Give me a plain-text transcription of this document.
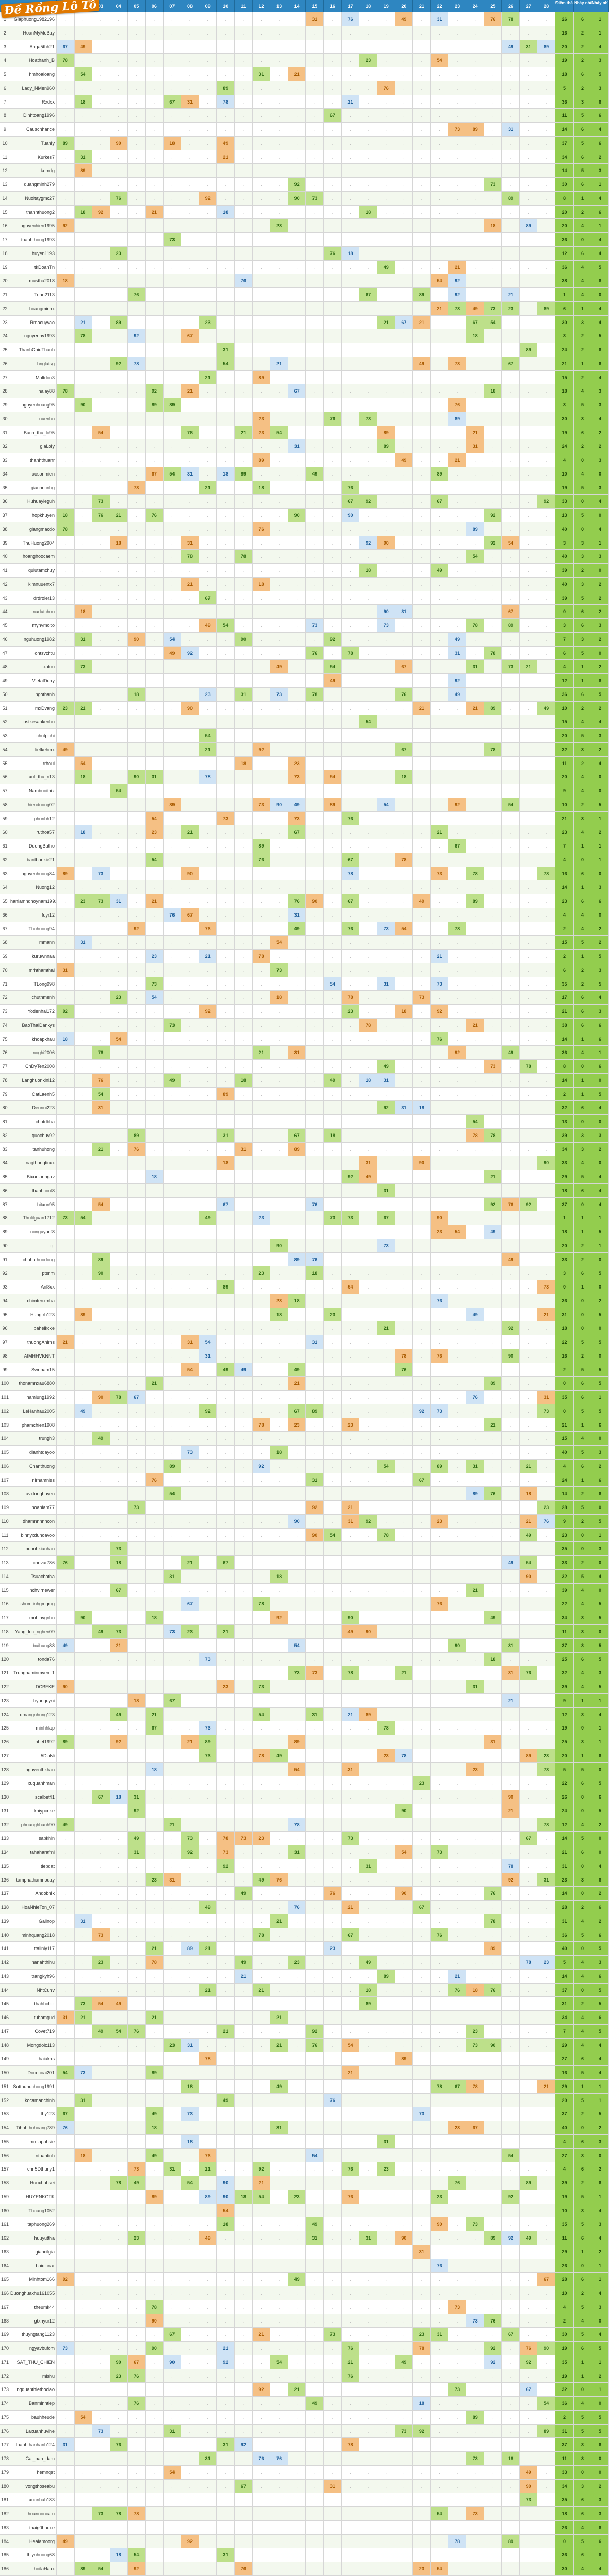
03	04	05	06	07	08	09	10	11	12	13	14	15	16	17	18	19	20	21	22	23	24	25	26	27	28
Điểm thá Nháy nh Nháy nhì
1	Giaphuong1982196	.	.	.	.	.	.	.	.	.	.	.	.	.	.	31	.	76	.	.	49	.	31	.	.	76	78	.	.	26	6	1
2	HoanMyMeBay	.	.	.	.	.	.	.	.	.	.	.	.	.	.	.	.	.	.	.	.	.	.	.	.	.	.	.	.	16	2	1
3	Anga5thh21	67	49	.	.	.	.	.	.	.	.	.	.	.	.	.	.	.	.	.	.	.	.	.	.	.	49	31	89	20	2	4
4	Hoathanh_B	78	.	.	.	.	.	.	.	.	.	.	.	.	.	.	.	.	23	.	.	.	54	.	.	.	.	.	.	19	2	3
5	hmhoaloang	.	54	.	.	.	.	.	.	.	.	.	31	.	21	.	.	.	.	.	.	.	.	.	.	.	.	.	.	18	6	5
6	Lady_NMen960	.	.	.	.	.	.	.	.	.	89	.	.	.	.	.	.	.	.	76	.	.	.	.	.	.	.	.	.	5	2	3
7	Rxdxx	.	18	.	.	.	.	67	31	.	78	.	.	.	.	.	.	21	.	.	.	.	.	.	.	.	.	.	.	36	3	6
8	Dinhtoang1996	.	.	.	.	.	.	.	.	.	.	.	.	.	.	.	67	.	.	.	.	.	.	.	.	.	.	.	.	11	5	6
9	Causchhance	.	.	.	.	.	.	.	.	.	.	.	.	.	.	.	.	.	.	.	.	.	.	73	89	.	31	.	.	14	6	4
10	Tuanly	89	.	.	90	.	.	18	.	.	49	.	.	.	.	.	.	.	.	.	.	.	.	.	.	.	.	.	.	37	5	6
11	Kurkes7	.	31	.	.	.	.	.	.	.	21	.	.	.	.	.	.	.	.	.	.	.	.	.	.	.	.	.	.	34	6	2
12	kemdg	.	89	.	.	.	.	.	.	.	.	.	.	.	.	.	.	.	.	.	.	.	.	.	.	.	.	.	.	14	5	3
13	quangminh279	.	.	.	.	.	.	.	.	.	.	.	.	.	92	.	.	.	.	.	.	.	.	.	.	73	.	.	.	30	6	1
14	Nuoitaygmc27	.	.	.	76	.	.	.	.	92	.	.	.	.	90	73	.	.	.	.	.	.	.	.	.	.	89	.	.	8	1	4
15	thanhthuong2	.	18	92	.	.	21	.	.	.	18	.	.	.	.	.	.	.	18	.	.	.	.	.	.	.	.	.	.	20	2	6
16	nguyenhien1995	92	.	.	.	.	.	.	.	.	.	.	.	23	.	.	.	.	.	.	.	.	.	.	.	18	.	89	.	20	4	1
17	tuanhthong1993	.	.	.	.	.	.	73	.	.	.	.	.	.	.	.	.	.	.	.	.	.	.	.	.	.	.	.	.	36	0	4
18	huyen1193	.	.	.	23	.	.	.	.	.	.	.	.	.	.	.	76	18	.	.	.	.	.	.	.	.	.	.	.	12	6	4
19	tkDoanTn	.	.	.	.	.	.	.	.	.	.	.	.	.	.	.	.	.	.	49	.	.	.	21	.	.	.	.	.	36	4	5
20	mustha2018	18	.	.	.	.	.	.	.	.	.	76	.	.	.	.	.	.	.	.	.	.	54	92	.	.	.	.	.	38	4	6
21	Tuan2113	.	.	.	.	76	.	.	.	.	.	.	.	.	.	.	.	.	67	.	.	89	.	92	.	.	21	.	.	1	4	0
22	hoangminhx	.	.	.	.	.	.	.	.	.	.	.	.	.	.	.	.	.	.	.	.	.	21	73	49	73	23	.	89	6	1	4
23	Rmacuyyao	.	21	.	89	.	.	.	.	23	.	.	.	.	.	.	.	.	.	21	67	21	.	.	67	54	.	.	.	30	3	4
24	nguyenhv1993	.	78	.	.	92	.	.	67	.	.	.	.	.	.	.	.	.	.	.	.	.	.	.	18	.	.	.	.	3	2	5
25	ThanhChiuThanh	.	.	.	.	.	.	.	.	.	31	.	.	.	.	.	.	.	.	.	.	.	.	.	.	.	.	89	.	24	2	6
26	hnglatsg	.	.	.	92	78	.	.	.	.	54	.	.	21	.	.	.	.	.	.	.	49	.	73	.	.	67	.	.	21	1	6
27	Maltdon3	.	.	.	.	.	.	.	.	21	.	.	89	.	.	.	.	.	.	.	.	.	.	.	.	.	.	.	.	15	2	4
28	halay88	78	.	.	.	.	92	.	21	.	.	.	.	.	67	.	.	.	.	.	.	.	.	.	.	18	.	.	.	18	4	3
29	nguyenhoang95	.	90	.	.	.	89	89	.	.	.	.	.	.	.	.	.	.	.	.	.	.	.	76	.	.	.	.	.	3	5	3
30	nuenhn	.	.	.	.	.	.	.	.	.	.	.	23	.	.	.	76	.	73	.	.	.	.	89	.	.	.	.	.	30	3	4
31	Bach_thu_lo95	.	.	54	.	.	.	.	76	.	.	21	23	54	.	.	.	.	.	89	.	.	.	.	21	.	.	.	.	19	6	2
32	giaLoly	.	.	.	.	.	.	.	.	.	.	.	.	.	31	.	.	.	.	89	.	.	.	.	31	.	.	.	.	24	2	2
33	thanhthuanr	.	.	.	.	.	.	.	.	.	.	.	89	.	.	.	.	.	.	.	49	.	.	21	.	.	.	.	.	4	0	3
34	aosonmien	.	.	.	.	.	67	54	31	.	18	89	.	.	.	49	.	.	.	.	.	.	89	.	.	.	.	.	.	10	4	0
35	giachocnhg	.	.	.	.	73	.	.	.	21	.	.	18	.	.	.	.	76	.	.	.	.	.	.	.	.	.	.	.	19	5	3
36	Huhuayieguh	.	.	73	.	.	.	.	.	.	.	.	.	.	.	.	.	67	92	.	.	.	67	.	.	.	.	.	92	33	0	4
37	hopkhuyen	18	.	76	21	.	76	.	.	.	.	.	.	.	90	.	.	90	.	.	.	.	.	.	.	92	.	.	.	13	5	0
38	giangmacdo	78	.	.	.	.	.	.	.	.	.	.	76	.	.	.	.	.	.	.	.	.	.	.	89	.	.	.	.	40	0	4
39	ThuHuong2904	.	.	.	18	.	.	.	31	.	.	.	.	.	.	.	.	.	92	90	.	.	.	.	.	92	54	.	.	3	3	1
40	hoanghoocaem	.	.	.	.	.	.	.	78	.	.	78	.	.	.	.	.	.	.	.	.	.	.	.	54	.	.	.	.	40	3	3
41	quiutamchuy	.	.	.	.	.	.	.	.	.	.	.	.	.	.	.	.	.	18	.	.	.	49	.	.	.	.	.	.	39	2	0
42	kimnuuentx7	.	.	.	.	.	.	.	21	.	.	.	18	.	.	.	.	.	.	.	.	.	.	.	.	.	.	.	.	40	3	2
43	drdroler13	.	.	.	.	.	.	.	.	67	.	.	.	.	.	.	.	.	.	.	.	.	.	.	.	.	.	.	.	39	5	2
44	nadutchou	.	18	.	.	.	.	.	.	.	.	.	.	.	.	.	.	.	.	90	31	.	.	.	.	.	67	.	.	0	6	2
45	myhymoito	.	.	.	.	.	.	.	.	49	54	.	.	.	.	73	.	.	.	73	.	.	.	.	78	.	89	.	.	3	6	3
46	nguhuong1982	.	31	.	.	90	.	54	.	.	.	90	.	.	.	.	92	.	.	.	.	.	.	49	.	.	.	.	.	7	3	2
47	ohtsvchtu	.	.	.	.	.	.	49	92	.	.	.	.	.	.	76	.	78	.	.	.	.	.	31	.	78	.	.	.	6	5	0
48	xatuu	.	73	.	.	.	.	.	.	.	.	.	.	49	.	.	54	.	.	.	67	.	.	.	31	.	73	21	.	4	1	2
49	VietalDuny	.	.	.	.	.	.	.	.	.	.	.	.	.	.	.	49	.	.	.	.	.	.	92	.	.	.	.	.	12	1	6
50	ngothanh	.	.	.	.	18	.	.	.	23	.	31	.	73	.	78	.	.	.	.	76	.	.	49	.	.	.	.	.	36	6	5
51	mxDvang	23	21	.	.	.	.	.	90	.	.	.	.	.	.	.	.	.	.	.	.	21	.	.	21	89	.	.	49	10	2	2
52	ostkesankenhu	.	.	.	.	.	.	.	.	.	.	.	.	.	.	.	.	.	54	.	.	.	.	.	.	.	.	.	.	15	4	4
53	chutpichi	.	.	.	.	.	.	.	.	54	.	.	.	.	.	.	.	.	.	.	.	.	.	.	.	.	.	.	.	20	5	3
54	lietkehmx	49	.	.	.	.	.	.	.	21	.	.	92	.	.	.	.	.	.	.	67	.	.	.	.	78	.	.	.	32	3	2
55	rrhoui	.	54	.	.	.	.	.	.	.	.	18	.	.	23	.	.	.	.	.	.	.	.	.	.	.	.	.	.	11	2	4
56	xot_thu_n13	.	18	.	.	90	31	.	.	78	.	.	.	.	73	.	54	.	.	.	18	.	.	.	.	.	.	.	.	20	4	0
57	Nambuoithiz	.	.	.	54	.	.	.	.	.	.	.	.	.	.	.	.	.	.	.	.	.	.	.	.	.	.	.	.	9	4	0
58	hienduong02	.	.	.	.	.	.	89	.	.	.	.	73	90	49	.	89	.	.	54	.	.	.	92	.	.	54	.	.	10	2	5
59	phonbh12	.	.	.	.	.	54	.	.	.	73	.	.	.	73	.	.	76	.	.	.	.	.	.	.	.	.	.	.	21	3	1
60	ruthoa57	.	18	.	.	.	23	.	21	.	.	.	.	.	67	.	.	.	.	.	.	.	21	.	.	.	.	.	.	23	4	2
61	DuongBatho	.	.	.	.	.	.	.	.	.	.	.	89	.	.	.	.	.	.	.	.	.	.	67	.	.	.	.	.	7	1	1
62	bantbankie21	.	.	.	.	.	54	.	.	.	.	.	76	.	.	.	.	67	.	.	78	.	.	.	.	.	.	.	.	4	0	1
63	nguyenhuong84	89	.	73	.	.	.	.	90	.	.	.	.	.	.	.	.	78	.	.	.	.	73	.	78	.	.	.	78	16	6	0
64	Nuong12	.	.	.	.	.	.	.	.	.	.	.	.	.	.	.	.	.	.	.	.	.	.	.	.	.	.	.	.	14	1	3
65 hanlamndhoynam1991	.	23	73	31	.	21	.	.	.	.	.	.	.	76	90	.	67	.	.	.	49	.	.	89	.	.	.	.	23	6	6
66	fuyr12	.	.	.	.	.	.	76	67	.	.	.	.	.	31	.	.	.	.	.	.	.	.	.	.	.	.	.	.	4	4	0
67	Thuhuong94	.	.	.	.	92	.	.	.	76	.	.	.	.	49	.	.	76	.	73	54	.	.	78	.	.	.	.	.	2	4	2
68	mmann	.	31	.	.	.	.	.	.	.	.	.	.	54	.	.	.	.	.	.	.	.	.	.	.	.	.	.	.	15	5	2
69	kuruwnnaa	.	.	.	.	.	23	.	.	21	.	.	78	.	.	.	.	.	.	.	.	.	21	.	.	.	.	.	.	2	1	5
70	mrhthamthai	31	.	.	.	.	.	.	.	.	.	.	.	73	.	.	.	.	.	.	.	.	.	.	.	.	.	.	.	6	2	3
71	TLong998	.	.	.	.	.	73	.	.	.	.	.	.	.	.	.	54	.	.	31	.	.	73	.	.	.	.	.	.	35	2	5
72	chuthmenh	.	.	.	23	.	54	.	.	.	.	.	.	18	.	.	.	78	.	.	.	73	.	.	.	.	.	.	.	17	6	4
73	Yodenhai172	92	.	.	.	.	.	.	.	92	.	.	.	.	.	.	.	23	.	.	18	.	92	.	.	.	.	.	.	21	6	3
74	BaoThaiDankys	.	.	.	.	.	.	73	.	.	.	.	.	.	.	.	.	.	78	.	.	.	.	.	21	.	.	.	.	38	6	6
75	khoapkhau	18	.	.	54	.	.	.	.	.	.	.	.	.	.	.	.	.	.	.	.	.	76	.	.	.	.	.	.	14	1	6
76	noghi2006	.	.	78	.	.	.	.	.	.	.	.	21	.	31	.	.	.	.	.	.	.	.	92	.	.	49	.	.	36	4	1
77	ChDyTen2008	.	.	.	.	.	.	.	.	.	.	.	.	.	.	.	.	.	.	49	.	.	.	.	.	73	.	78	.	8	0	6
78	Langhuonkini12	.	.	76	.	.	.	49	.	.	.	18	.	.	.	.	49	.	18	31	.	.	.	.	.	.	.	.	.	14	1	0
79	CatLaenh5	.	.	54	.	.	.	.	.	.	89	.	.	.	.	.	.	.	.	.	.	.	.	.	.	.	.	.	.	2	1	5
80	Deunui223	.	.	31	.	.	.	.	.	.	.	.	.	.	.	.	.	.	.	92	31	18	.	.	.	.	.	.	.	32	6	4
81	chotdbha	.	.	.	.	.	.	.	.	.	.	.	.	.	.	.	.	.	.	.	.	.	.	.	54	.	.	.	.	13	0	0
82	quochuy92	.	.	.	.	89	.	.	.	.	31	.	.	.	67	.	18	.	.	.	.	.	.	.	78	78	.	.	.	39	3	3
83	tanhuhong	.	.	21	.	76	.	.	.	.	.	31	.	.	89	.	.	.	.	.	.	.	.	.	.	.	.	.	.	34	3	2
84	nagthongtinxx	.	.	.	.	.	.	.	.	.	18	.	.	.	.	.	.	.	31	.	.	90	.	.	.	.	.	.	90	33	4	0
85	Bixuojanhgav	.	.	.	.	.	18	.	.	.	.	.	.	.	.	.	.	92	49	.	.	.	.	.	.	21	.	.	.	29	5	4
86	thanhcool8	.	.	.	.	.	.	.	.	.	.	.	.	.	.	.	.	.	.	31	.	.	.	.	.	.	.	.	.	18	6	4
87	hitxon95	.	.	54	.	.	.	.	.	.	67	.	.	.	.	76	.	.	.	.	.	.	.	.	.	92	76	92	.	37	0	4
88	Thulilguan1712	73	54	.	.	.	.	.	.	49	.	.	23	.	.	.	73	73	.	67	.	.	90	.	.	.	.	.	.	1	1	1
89	nonguyaof8	.	.	.	.	.	.	.	.	.	.	.	.	.	.	.	.	.	.	.	.	.	23	54	.	49	.	.	.	18	1	5
90	lilgt	.	.	.	.	.	.	.	.	.	.	.	.	90	.	.	.	.	.	73	.	.	.	.	.	.	.	.	.	20	2	1
91	chuhuthuodong	.	.	89	.	.	.	.	.	.	.	.	.	.	89	76	.	.	.	.	.	.	.	.	.	.	49	.	.	33	2	0
92	ptsnm	.	.	90	.	.	.	.	.	.	.	.	23	.	.	18	.	.	.	.	.	.	.	.	.	.	.	.	.	3	6	5
93	Anl8xx	.	.	.	.	.	.	.	.	.	89	.	.	.	.	.	.	54	.	.	.	.	.	.	.	.	.	.	73	0	1	0
94	chimtenxmha	.	.	.	.	.	.	.	.	.	.	.	.	23	18	.	.	.	.	.	.	.	76	.	.	.	.	.	.	36	0	2
95	Hungtrh123	.	89	.	.	.	.	.	.	.	.	.	.	18	.	.	23	.	.	.	.	.	.	.	49	.	.	.	21	31	0	5
96	bahelkcke	.	.	.	.	.	.	.	.	.	.	.	.	.	.	.	.	.	.	21	.	.	.	.	.	.	92	.	.	18	0	0
97	thuongAhirhs	21	.	.	.	.	.	.	31	54	.	.	.	.	.	31	.	.	.	.	.	.	.	.	.	.	.	.	.	22	5	5
98	AIMHHVKNNT	.	.	.	.	.	.	.	.	31	.	.	.	.	.	.	.	.	.	.	78	.	76	.	.	.	90	.	.	16	2	0
99	Swnbam15	.	.	.	.	.	.	.	54	.	49	49	.	.	49	.	.	.	.	.	76	.	.	.	.	.	.	.	.	2	5	5
100	thonamnxau6880	.	.	.	.	.	21	.	.	.	.	.	.	.	21	.	.	.	.	.	.	.	.	.	.	89	.	.	.	0	6	5
101	hamlung1992	.	.	90	78	67	.	.	.	.	.	.	.	.	.	.	.	.	.	.	.	.	.	.	76	.	.	.	31	35	6	1
102	LeHanhau2005	.	49	.	.	.	.	.	.	92	.	.	.	.	67	89	.	.	.	.	.	92	73	.	.	.	.	.	73	0	5	5
103	phamchien1908	.	.	.	.	.	.	.	.	.	.	.	78	.	23	.	.	23	.	.	.	.	.	.	.	21	.	.	.	21	1	6
104	trungh3	.	.	49	.	.	.	.	.	.	.	.	.	.	.	.	.	.	.	.	.	.	.	.	.	.	.	.	.	15	4	0
105	dianhtdayoo	.	.	.	.	.	.	.	73	.	.	.	.	18	.	.	.	.	.	.	.	.	.	.	.	.	.	.	.	40	5	3
106	Chanthuong	.	.	.	.	.	.	89	.	.	.	.	92	.	.	.	.	.	.	54	.	.	89	.	31	.	.	21	.	4	6	2
107	nirnamniss	.	.	.	.	.	76	.	.	.	.	.	.	.	.	31	.	.	.	.	.	67	.	.	.	.	.	.	.	24	1	6
108	avxtonghuyen	.	.	.	.	.	.	54	.	.	.	.	.	.	.	.	.	.	.	.	.	.	.	.	89	76	.	18	.	14	2	6
109	hoahiam77	.	.	.	.	73	.	.	.	.	.	.	.	.	.	92	.	21	.	.	.	.	.	.	.	.	.	.	23	28	5	0
110	dhamnnnnhcon	.	.	.	.	.	.	.	.	.	.	.	.	.	90	.	.	31	92	.	.	.	23	.	.	.	.	21	76	9	2	5
111	binnyxduhoavoo	.	.	.	.	.	.	.	.	.	.	.	.	.	.	90	54	.	.	78	.	.	.	.	.	.	.	49	.	23	0	1
112	buonhkianhan	.	.	.	73	.	.	.	.	.	.	.	.	.	.	.	.	.	.	.	.	.	.	.	.	.	.	.	.	35	0	3
113	chovar786	76	.	.	18	.	.	.	21	.	67	.	.	.	.	.	.	.	.	.	.	.	.	.	.	.	49	54	.	33	2	0
114	Tsuacbatha	.	.	.	.	.	.	31	.	.	.	.	.	18	.	.	.	.	.	.	.	.	.	.	.	.	.	90	.	32	5	4
115	nchvirnewer	.	.	.	67	.	.	.	.	.	.	.	.	.	.	.	.	.	.	.	.	.	.	.	21	.	.	.	.	39	4	0
116	shomtinhgmgmg	.	.	.	.	.	.	.	67	.	.	.	78	.	.	.	.	.	.	.	.	.	76	.	.	.	.	.	.	22	4	5
117	mnhinvgnhn	.	90	.	.	.	18	.	.	.	.	.	.	92	.	.	.	90	.	.	.	.	.	.	.	49	.	.	.	34	3	5
118	Yang_loc_nghen09	.	.	49	73	.	.	73	23	.	21	.	.	.	.	.	.	49	90	.	.	.	.	.	.	.	.	.	.	11	3	0
119	buihung88	49	.	.	21	.	.	.	.	.	.	.	.	.	54	.	.	.	.	.	.	.	.	90	.	.	31	.	.	37	3	5
120	tonda76	.	.	.	.	.	.	.	.	73	.	.	.	.	.	.	.	.	.	.	.	.	.	.	.	18	.	.	.	25	6	5
121	Trunghaminmvemt1	.	.	.	.	.	.	.	.	.	.	.	.	.	73	73	.	78	.	.	21	.	.	.	.	.	31	76	.	32	4	3
122	DCBEKE	90	.	.	.	.	.	.	.	.	23	.	73	.	.	.	.	.	.	.	.	.	.	.	31	.	.	.	.	39	4	5
123	hyunguyni	.	.	.	.	18	.	67	.	.	.	.	.	.	.	.	.	.	.	.	.	.	.	.	.	.	21	.	.	9	1	1
124	dmangnhung123	.	.	.	49	.	21	.	.	.	.	.	54	.	.	31	.	21	89	.	.	.	.	.	.	.	.	.	.	12	3	4
125	minhhlap	.	.	.	.	.	67	.	.	73	.	.	.	.	.	.	.	.	.	78	.	.	.	.	.	.	.	.	.	19	0	1
126	nhet1992	89	.	.	92	.	.	.	21	89	.	.	.	.	89	.	.	.	.	.	.	.	.	.	.	31	.	.	.	25	3	1
127	5DiaNi	.	.	.	.	.	.	.	.	73	.	.	78	49	.	.	.	.	.	23	78	.	.	.	.	.	.	89	23	20	1	6
128	nguyenthkhan	.	.	.	.	.	18	.	.	.	.	.	.	.	54	.	.	31	.	.	.	.	.	.	23	.	.	.	73	5	5	0
129	xuquanhman	.	.	.	.	.	.	.	.	.	.	.	.	.	.	.	.	.	.	.	.	23	.	.	.	.	.	.	.	22	6	5
130	scalbetfl1	.	.	67	18	31	.	.	.	.	.	.	.	.	.	.	.	.	.	.	.	.	.	.	.	.	90	.	.	26	0	6
131	khiypcnke	.	.	.	.	92	.	.	.	.	.	.	.	.	.	.	.	.	.	.	90	.	.	.	.	.	21	.	.	24	0	5
132	phuanghhanh90	49	.	.	.	.	.	21	.	.	.	.	.	.	78	.	.	.	.	.	.	.	.	.	.	.	.	.	78	12	4	2
133	sapkhin	.	.	.	.	49	.	.	73	.	78	73	23	.	.	.	.	73	.	.	.	.	.	.	.	.	.	67	.	14	5	0
134	tahaharafmi	.	.	.	.	31	.	.	92	.	73	.	.	.	31	.	.	.	.	.	54	.	73	.	.	.	.	.	.	21	6	0
135	tlepdat	.	.	.	.	.	.	.	.	.	92	.	.	.	.	.	.	.	31	.	.	.	.	.	.	.	78	.	.	31	0	4
136	tamphathamnoday	.	.	.	.	.	23	31	.	.	.	.	49	76	.	.	.	.	.	.	.	.	.	.	.	.	92	.	31	23	3	6
137	Andobnik	.	.	.	.	.	.	.	.	.	.	49	.	.	.	.	76	.	.	.	90	.	.	.	.	76	.	.	.	14	0	2
138	HoaNhieTon_07	.	.	.	.	.	.	.	.	49	.	.	.	.	76	.	.	21	.	.	.	67	.	.	.	.	.	.	.	28	2	6
139	Galinop	.	31	.	.	.	.	.	.	.	.	.	.	21	.	.	.	.	.	.	.	.	.	.	.	78	.	.	.	31	4	2
140	minhquang2018	.	.	73	.	.	.	.	.	.	.	.	78	.	.	.	.	67	.	.	.	.	76	.	.	.	.	.	.	36	5	6
141	ttalinly117	.	.	.	.	.	21	.	89	21	.	.	.	.	.	.	23	.	.	.	.	.	.	.	.	89	.	.	.	40	0	5
142	nanahthihu	.	.	23	.	.	78	.	.	.	.	49	.	.	23	.	.	.	49	.	.	.	.	.	.	.	.	78	23	5	4	3
143	trangkyh96	.	.	.	.	.	.	.	.	.	.	21	.	.	.	.	.	.	.	89	.	.	.	21	.	.	.	.	.	14	4	6
144	NhtCuhv	.	.	.	.	.	.	.	.	21	.	.	21	.	.	.	.	.	18	.	.	.	.	76	18	76	.	.	.	37	0	5
145	thahhchot	.	73	54	49	.	.	.	.	.	.	.	.	.	.	.	.	.	89	.	.	.	.	.	.	.	.	.	.	31	2	5
146	tuhamgud	31	21	.	.	.	21	.	.	.	.	.	.	21	.	.	.	.	.	.	.	.	.	.	.	.	.	.	.	34	4	6
147	Covet719	.	.	49	54	76	.	.	.	.	21	.	.	.	.	92	.	.	.	.	.	.	.	.	23	.	.	.	.	7	4	5
148	Mongdolc113	.	.	.	.	.	.	23	31	.	.	.	.	21	.	76	.	54	.	.	.	.	.	.	73	90	.	.	.	29	4	4
149	thaiakhs	.	.	.	.	.	.	.	.	78	.	.	.	.	.	.	.	.	.	.	89	.	.	.	.	.	.	.	.	27	6	4
150	Docecoai201	54	73	.	.	.	89	.	.	.	.	.	.	.	.	.	.	21	.	.	.	.	.	.	.	.	.	.	.	16	5	4
151 Sotthuhuchong1991	.	.	.	.	.	.	.	18	.	.	.	.	49	.	.	.	.	.	.	.	.	78	67	78	.	.	.	21	29	1	1
152	kocamanchinh	.	31	.	.	.	.	.	.	.	49	.	.	.	.	.	76	.	.	.	.	.	.	.	.	.	.	.	.	20	5	1
153	thy123	67	.	.	.	.	49	.	73	.	.	.	.	.	.	.	.	.	.	.	.	73	.	.	.	.	.	.	.	37	2	5
154	Tihhhthohoang789	76	.	.	.	.	18	.	.	.	.	.	.	31	.	.	.	.	.	.	.	.	.	23	67	.	.	.	.	40	0	2
155	mmlapahsie	.	.	.	.	.	.	.	18	.	.	.	.	.	.	.	.	.	.	31	.	.	.	.	.	.	.	.	.	4	6	3
156	ntuantinh	.	18	.	.	.	49	.	.	76	.	.	.	.	.	54	.	.	.	.	.	.	.	.	.	.	54	.	.	27	3	0
157	chn5Dthuny1	.	.	.	.	73	.	31	.	21	.	.	92	.	.	.	.	76	.	23	.	.	.	.	.	.	.	.	.	4	6	2
158	Huoxhuhsei	.	.	.	78	49	.	.	54	.	90	.	21	.	.	.	.	.	.	.	.	.	.	76	.	.	.	89	.	39	2	6
159	HUYENKGTK	.	.	.	.	.	89	.	.	89	90	18	54	.	23	.	.	76	.	.	.	.	23	.	.	.	92	.	.	19	5	1
160	Thaang1052	.	.	.	.	.	.	.	.	.	54	.	.	.	.	.	.	.	.	.	.	.	.	.	.	.	.	.	.	10	3	4
161	taphuong269	.	.	.	.	.	.	.	.	.	18	.	.	.	.	49	.	.	.	.	.	.	90	.	73	.	.	.	.	35	5	3
162	huuyuttha	.	.	.	.	23	.	.	.	49	.	.	.	.	.	31	.	.	31	.	90	.	.	.	.	89	92	49	.	11	6	4
163	giancilgia	.	.	.	.	.	.	.	.	.	.	.	.	.	.	.	.	.	.	.	.	31	.	.	.	.	.	.	.	29	1	2
164	baidicnar	.	.	.	.	.	.	.	.	.	.	.	.	.	.	.	.	.	.	.	.	.	76	.	.	.	.	.	.	26	0	1
165	Minhtom166	92	.	.	.	.	.	.	.	.	.	.	.	.	49	.	.	.	.	.	.	.	.	.	.	.	.	.	67	28	6	1
166 Duonghuaxhu161055	.	.	.	.	.	.	.	.	.	.	.	.	.	.	.	.	.	.	.	.	.	.	.	.	.	.	.	.	10	2	4
167	theumk44	.	.	.	.	.	78	.	.	.	.	.	.	.	.	.	.	.	.	.	.	.	.	73	.	.	.	.	.	4	5	3
168	gtxhyur12	.	.	.	.	.	90	.	.	.	.	.	.	.	.	.	.	.	.	.	.	.	.	.	73	76	.	.	.	2	4	0
169	thuyngtang1123	.	.	.	.	.	.	67	.	.	.	.	21	.	.	.	73	.	.	.	.	23	31	.	.	.	67	.	.	30	5	4
170	ngyavbufom	73	.	.	.	.	90	.	.	.	21	.	.	.	.	.	.	76	.	.	.	78	.	.	.	92	.	76	90	19	6	5
171	SAT_THU_CHIEN	.	.	.	90	67	.	90	.	.	92	.	.	54	.	.	.	21	.	.	49	.	.	.	.	92	.	92	.	35	1	1
172	mishu	.	.	.	23	76	.	.	.	.	.	.	.	.	.	.	.	76	.	.	.	.	.	.	.	.	.	.	.	19	1	2
173	ngquanthiethoclao	.	.	.	.	.	.	.	.	.	.	.	92	.	21	.	.	.	.	.	.	.	.	73	.	.	.	67	.	32	0	1
174	Banminhtiep	.	.	.	.	76	.	.	.	.	.	.	.	.	.	49	.	.	.	.	.	18	.	.	.	.	.	.	54	36	4	0
175	bauhheude	.	54	.	.	.	.	.	.	.	.	.	.	.	.	.	.	.	.	.	.	.	.	.	89	.	.	.	.	2	5	5
176	Laxuanhuvihe	.	.	73	.	.	.	31	.	.	.	.	.	.	.	.	.	.	.	.	73	92	.	.	.	.	.	.	89	31	5	5
177	thanhthanhanh124	31	.	.	76	.	.	.	.	.	31	92	.	.	.	.	.	78	.	.	.	.	.	.	.	.	.	.	.	37	3	6
178	Gai_ban_dam	.	.	.	.	.	.	.	.	31	.	.	76	76	.	.	.	.	.	.	.	.	.	.	73	.	18	.	.	11	3	0
179	hemnqst	.	.	.	.	.	.	54	.	.	.	.	.	.	.	.	.	.	.	.	.	.	.	.	.	.	.	49	.	33	0	0
180	vongthoseabu	.	.	.	.	.	.	.	.	.	.	67	.	.	.	.	31	.	.	.	.	.	.	.	.	.	.	90	.	34	3	2
181	xuanhah183	.	.	.	.	.	.	.	.	.	.	.	.	.	.	.	.	.	.	.	.	.	.	.	.	.	.	73	.	35	6	3
182	hoannoncatu	.	.	73	78	78	.	.	.	.	.	.	.	.	.	.	.	.	.	.	.	.	54	.	73	.	.	.	.	18	6	3
183	thaig0huuxe	.	.	.	.	.	.	.	.	.	.	.	.	.	.	.	.	.	.	.	.	.	.	.	.	.	.	.	.	26	4	6
184	Heaiamoorg	49	.	.	.	.	.	.	92	.	.	.	.	.	.	.	.	.	.	.	.	.	.	78	.	.	89	.	.	0	5	6
185	thiynhuong68	.	.	.	18	54	.	.	.	.	31	.	.	.	.	.	.	.	.	.	.	.	.	.	.	.	.	.	.	36	6	6
186	hoilaHaux	.	89	54	.	92	.	.	.	.	.	76	.	.	.	.	.	.	.	.	.	23	54	.	.	.	.	.	.	30	4	4
Đề Rồng Lô Tô
